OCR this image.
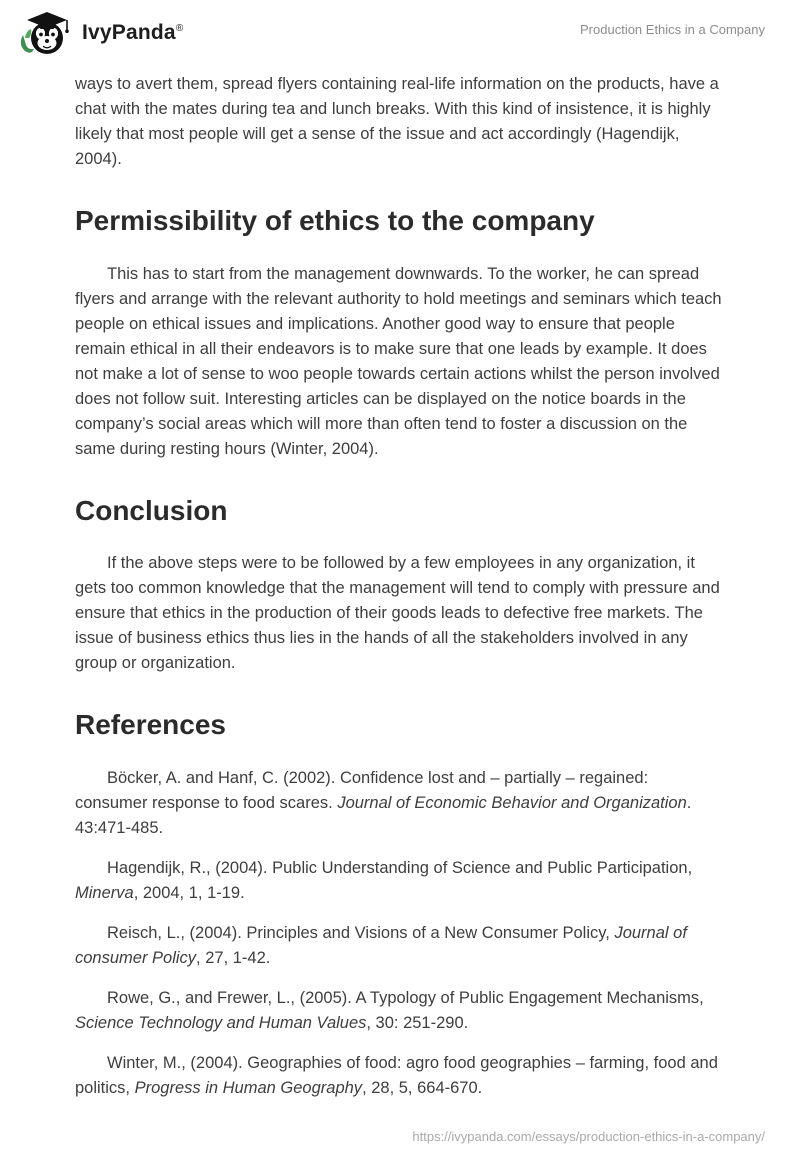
IvyPanda®	Production Ethics in a Company

ways to avert them, spread flyers containing real-life information on the products, have a chat with the mates during tea and lunch breaks. With this kind of insistence, it is highly likely that most people will get a sense of the issue and act accordingly (Hagendijk, 2004).

Permissibility of ethics to the company

This has to start from the management downwards. To the worker, he can spread flyers and arrange with the relevant authority to hold meetings and seminars which teach people on ethical issues and implications. Another good way to ensure that people remain ethical in all their endeavors is to make sure that one leads by example. It does not make a lot of sense to woo people towards certain actions whilst the person involved does not follow suit. Interesting articles can be displayed on the notice boards in the company’s social areas which will more than often tend to foster a discussion on the same during resting hours (Winter, 2004).

Conclusion

If the above steps were to be followed by a few employees in any organization, it gets too common knowledge that the management will tend to comply with pressure and ensure that ethics in the production of their goods leads to defective free markets. The issue of business ethics thus lies in the hands of all the stakeholders involved in any group or organization.

References

Böcker, A. and Hanf, C. (2002). Confidence lost and – partially – regained: consumer response to food scares. Journal of Economic Behavior and Organization. 43:471-485.

Hagendijk, R., (2004). Public Understanding of Science and Public Participation, Minerva, 2004, 1, 1-19.

Reisch, L., (2004). Principles and Visions of a New Consumer Policy, Journal of consumer Policy, 27, 1-42.

Rowe, G., and Frewer, L., (2005). A Typology of Public Engagement Mechanisms, Science Technology and Human Values, 30: 251-290.

Winter, M., (2004). Geographies of food: agro food geographies – farming, food and politics, Progress in Human Geography, 28, 5, 664-670.

https://ivypanda.com/essays/production-ethics-in-a-company/
